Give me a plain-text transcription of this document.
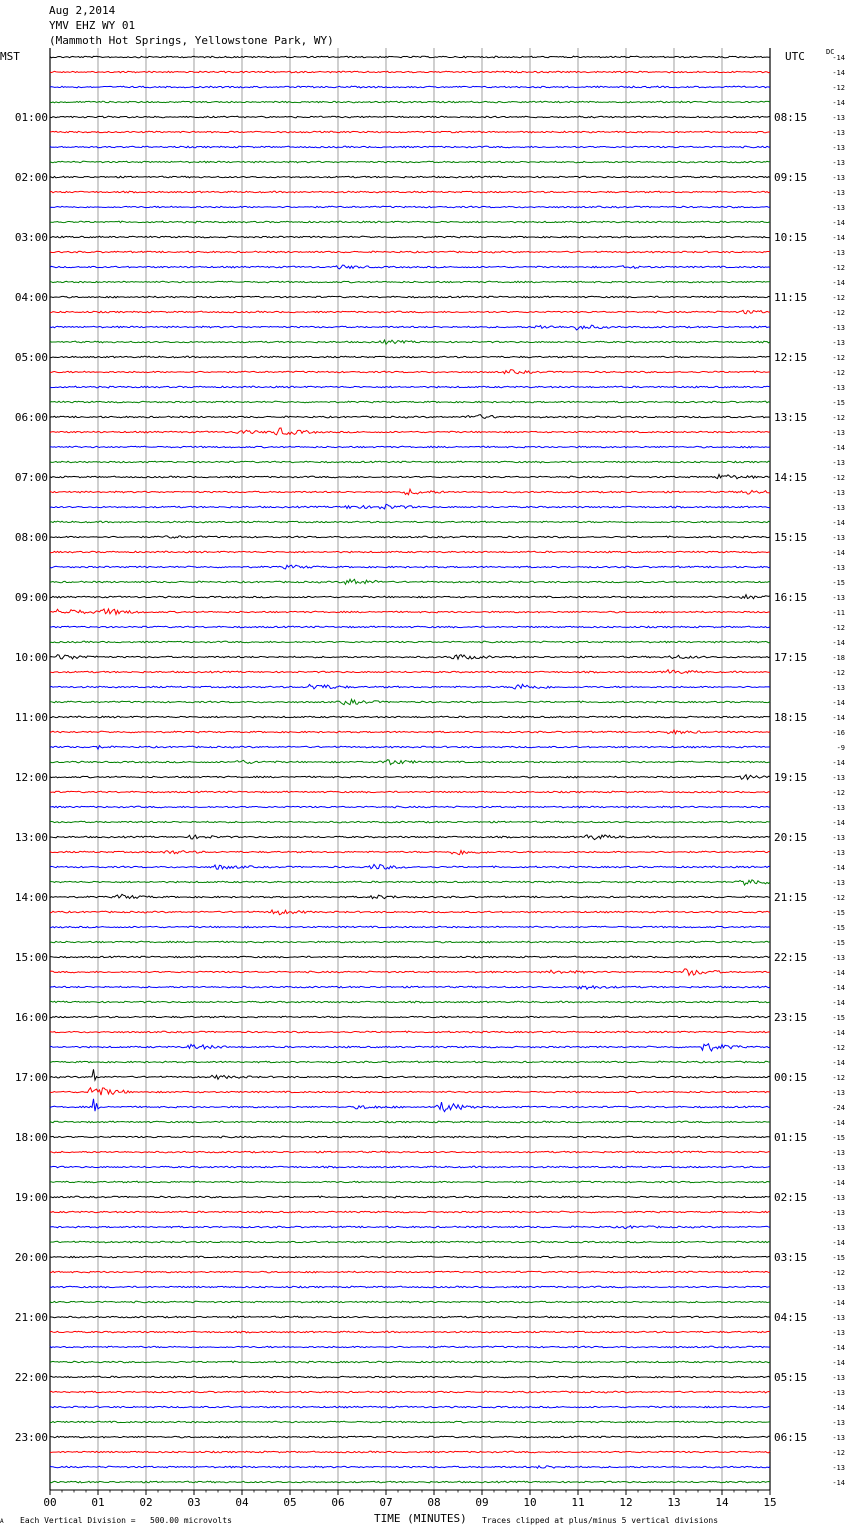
Aug 2,2014
YMV EHZ WY 01
(Mammoth Hot Springs, Yellowstone Park, WY)
MST	UTC	DC
01:00
02:00
03:00
04:00
05:00
06:00
07:00
08:00
09:00
10:00
11:00
12:00
13:00
14:00
15:00
16:00
17:00
18:00
19:00
20:00
21:00
22:00
23:00
08:15
09:15
10:15
11:15
12:15
13:15
14:15
15:15
16:15
17:15
18:15
19:15
20:15
21:15
22:15
23:15
00:15
01:15
02:15
03:15
04:15
05:15
06:15
-14
-14
-12
-14
-13
-13
-13
-13
-13
-13
-13
-14
-14
-13
-12
-14
-12
-12
-13
-13
-12
-12
-13
-15
-12
-13
-14
-13
-12
-13
-13
-14
-13
-14
-13
-15
-13
-11
-12
-14
-18
-12
-13
-14
-14
-16
-9
-14
-13
-12
-13
-14
-13
-13
-14
-13
-12
-15
-15
-15
-13
-14
-14
-14
-15
-14
-12
-14
-12
-13
-24
-14
-15
-13
-13
-14
-13
-13
-13
-14
-15
-12
-13
-14
-13
-13
-14
-14
-13
-13
-14
-13
-13
-12
-13
-14
00	01	02	03	04	05	06	07	08	09	10	11	12	13	14	15
A Each Vertical Division = 500.00 microvolts	TIME (MINUTES) Traces clipped at plus/minus 5 vertical divisions
